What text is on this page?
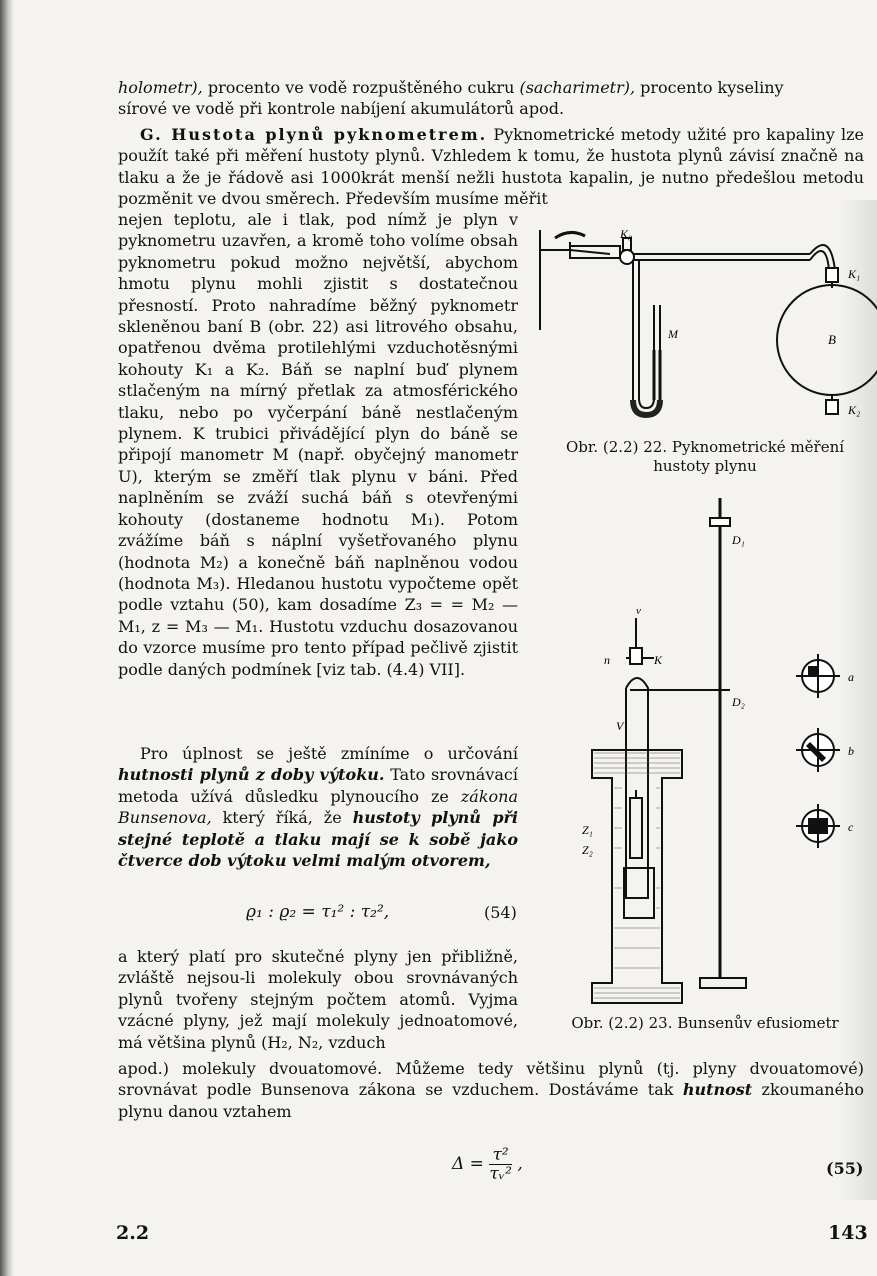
holometr), procento ve vodě rozpuštěného cukru (sacharimetr), procento kyseliny

sírové ve vodě při kontrole nabíjení akumulátorů apod.

G. Hustota plynů pyknometrem. Pyknometrické metody užité pro kapaliny lze použít také při měření hustoty plynů. Vzhledem k tomu, že hustota plynů závisí značně na tlaku a že je řádově asi 1000krát menší nežli hustota kapalin, je nutno předešlou metodu pozměnit ve dvou směrech. Především musíme měřit

nejen teplotu, ale i tlak, pod nímž je plyn v pyknometru uzavřen, a kromě toho volíme obsah pyknometru pokud možno největší, abychom hmotu plynu mohli zjistit s dostatečnou přesností. Proto nahradíme běžný pyknometr skleněnou baní B (obr. 22) asi litrového obsahu, opatřenou dvěma protilehlými vzduchotěsnými kohouty K₁ a K₂. Báň se naplní buď plynem stlačeným na mírný přetlak za atmosférického tlaku, nebo po vyčerpání báně nestlačeným plynem. K trubici přivádějící plyn do báně se připojí manometr M (např. obyčejný manometr U), kterým se změří tlak plynu v báni. Před naplněním se zváží suchá báň s otevřenými kohouty (dostaneme hodnotu M₁). Potom zvážíme báň s náplní vyšetřovaného plynu (hodnota M₂) a konečně báň naplněnou vodou (hodnota M₃). Hledanou hustotu vypočteme opět podle vztahu (50), kam dosadíme Z₃ = = M₂ — M₁, z = M₃ — M₁. Hustotu vzduchu dosazovanou do vzorce musíme pro tento případ pečlivě zjistit podle daných podmínek [viz tab. (4.4) VII].

Pro úplnost se ještě zmíníme o určování hutnosti plynů z doby výtoku. Tato srovnávací metoda užívá důsledku plynoucího ze zákona Bunsenova, který říká, že hustoty plynů při stejné teplotě a tlaku mají se k sobě jako čtverce dob výtoku velmi malým otvorem,

ϱ₁ : ϱ₂ = τ₁² : τ₂²,	(54)

a který platí pro skutečné plyny jen přibližně, zvláště nejsou-li molekuly obou srovnávaných plynů tvořeny stejným počtem atomů. Vyjma vzácné plyny, jež mají molekuly jednoatomové, má většina plynů (H₂, N₂, vzduch

apod.) molekuly dvouatomové. Můžeme tedy většinu plynů (tj. plyny dvouatomové) srovnávat podle Bunsenova zákona se vzduchem. Dostáváme tak hutnost zkoumaného plynu danou vztahem

$\Delta = \frac{\text{τ²}}{\text{τᵥ²}}$ ,	(55)
2.2	143
K₀
K₁
K₂
M	B
Obr. (2.2) 22. Pyknometrické měření hustoty plynu
D₁
D₂
v
n	K
V
Z₁
Z₂
a
b
c
Obr. (2.2) 23. Bunsenův efusiometr
